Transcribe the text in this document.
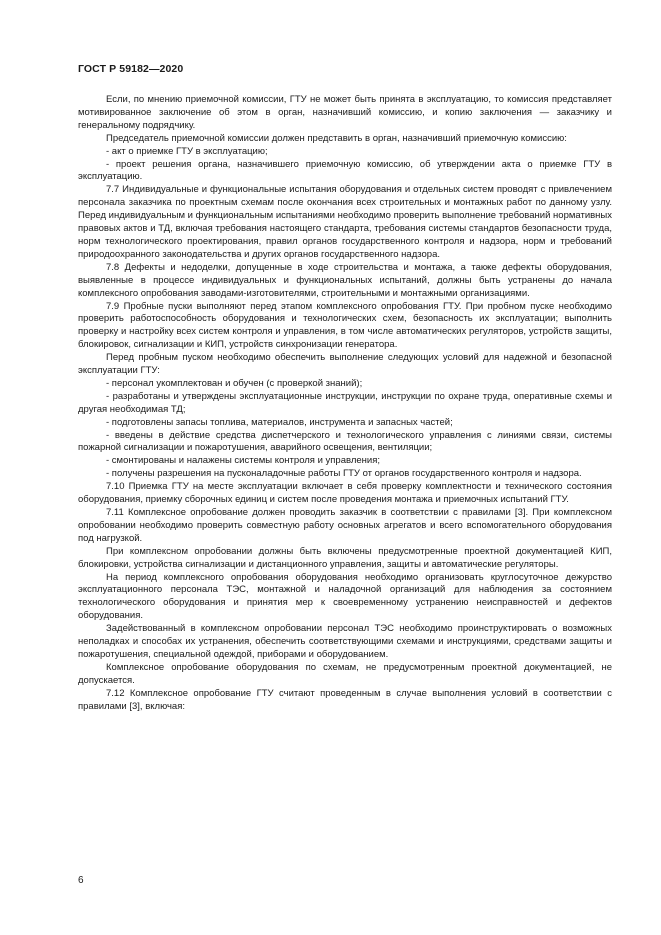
ГОСТ Р 59182—2020

Если, по мнению приемочной комиссии, ГТУ не может быть принята в эксплуатацию, то комиссия представляет мотивированное заключение об этом в орган, назначивший комиссию, и копию заключения — заказчику и генеральному подрядчику.

Председатель приемочной комиссии должен представить в орган, назначивший приемочную комиссию:

- акт о приемке ГТУ в эксплуатацию;

- проект решения органа, назначившего приемочную комиссию, об утверждении акта о приемке ГТУ в эксплуатацию.

7.7 Индивидуальные и функциональные испытания оборудования и отдельных систем проводят с привлечением персонала заказчика по проектным схемам после окончания всех строительных и монтажных работ по данному узлу. Перед индивидуальным и функциональным испытаниями необходимо проверить выполнение требований нормативных правовых актов и ТД, включая требования настоящего стандарта, требования системы стандартов безопасности труда, норм технологического проектирования, правил органов государственного контроля и надзора, норм и требований природоохранного законодательства и других органов государственного надзора.

7.8 Дефекты и недоделки, допущенные в ходе строительства и монтажа, а также дефекты оборудования, выявленные в процессе индивидуальных и функциональных испытаний, должны быть устранены до начала комплексного опробования заводами-изготовителями, строительными и монтажными организациями.

7.9 Пробные пуски выполняют перед этапом комплексного опробования ГТУ. При пробном пуске необходимо проверить работоспособность оборудования и технологических схем, безопасность их эксплуатации; выполнить проверку и настройку всех систем контроля и управления, в том числе автоматических регуляторов, устройств защиты, блокировок, сигнализации и КИП, устройств синхронизации генератора.

Перед пробным пуском необходимо обеспечить выполнение следующих условий для надежной и безопасной эксплуатации ГТУ:

- персонал укомплектован и обучен (с проверкой знаний);

- разработаны и утверждены эксплуатационные инструкции, инструкции по охране труда, оперативные схемы и другая необходимая ТД;

- подготовлены запасы топлива, материалов, инструмента и запасных частей;

- введены в действие средства диспетчерского и технологического управления с линиями связи, системы пожарной сигнализации и пожаротушения, аварийного освещения, вентиляции;

- смонтированы и налажены системы контроля и управления;

- получены разрешения на пусконаладочные работы ГТУ от органов государственного контроля и надзора.

7.10 Приемка ГТУ на месте эксплуатации включает в себя проверку комплектности и технического состояния оборудования, приемку сборочных единиц и систем после проведения монтажа и приемочных испытаний ГТУ.

7.11 Комплексное опробование должен проводить заказчик в соответствии с правилами [3]. При комплексном опробовании необходимо проверить совместную работу основных агрегатов и всего вспомогательного оборудования под нагрузкой.

При комплексном опробовании должны быть включены предусмотренные проектной документацией КИП, блокировки, устройства сигнализации и дистанционного управления, защиты и автоматические регуляторы.

На период комплексного опробования оборудования необходимо организовать круглосуточное дежурство эксплуатационного персонала ТЭС, монтажной и наладочной организаций для наблюдения за состоянием технологического оборудования и принятия мер к своевременному устранению неисправностей и дефектов оборудования.

Задействованный в комплексном опробовании персонал ТЭС необходимо проинструктировать о возможных неполадках и способах их устранения, обеспечить соответствующими схемами и инструкциями, средствами защиты и пожаротушения, специальной одеждой, приборами и оборудованием.

Комплексное опробование оборудования по схемам, не предусмотренным проектной документацией, не допускается.

7.12 Комплексное опробование ГТУ считают проведенным в случае выполнения условий в соответствии с правилами [3], включая:

6
